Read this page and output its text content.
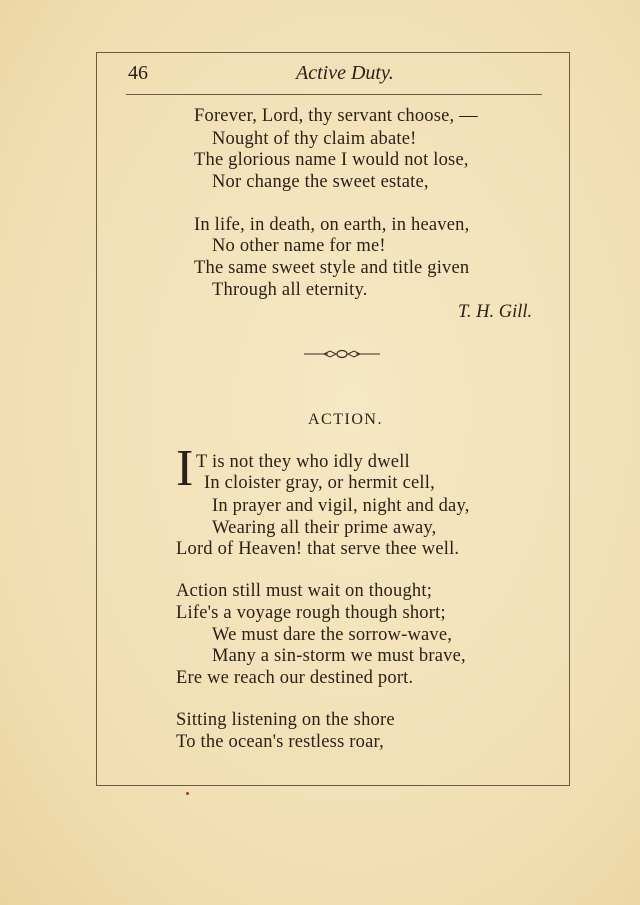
46	Active Duty.
Forever, Lord, thy servant choose, —
Nought of thy claim abate!
The glorious name I would not lose,
Nor change the sweet estate,
In life, in death, on earth, in heaven,
No other name for me!
The same sweet style and title given
Through all eternity.
T. H. Gill.
ACTION.
I T is not they who idly dwell
In cloister gray, or hermit cell,
In prayer and vigil, night and day,
Wearing all their prime away,
Lord of Heaven! that serve thee well.
Action still must wait on thought;
Life's a voyage rough though short;
We must dare the sorrow-wave,
Many a sin-storm we must brave,
Ere we reach our destined port.
Sitting listening on the shore
To the ocean's restless roar,
